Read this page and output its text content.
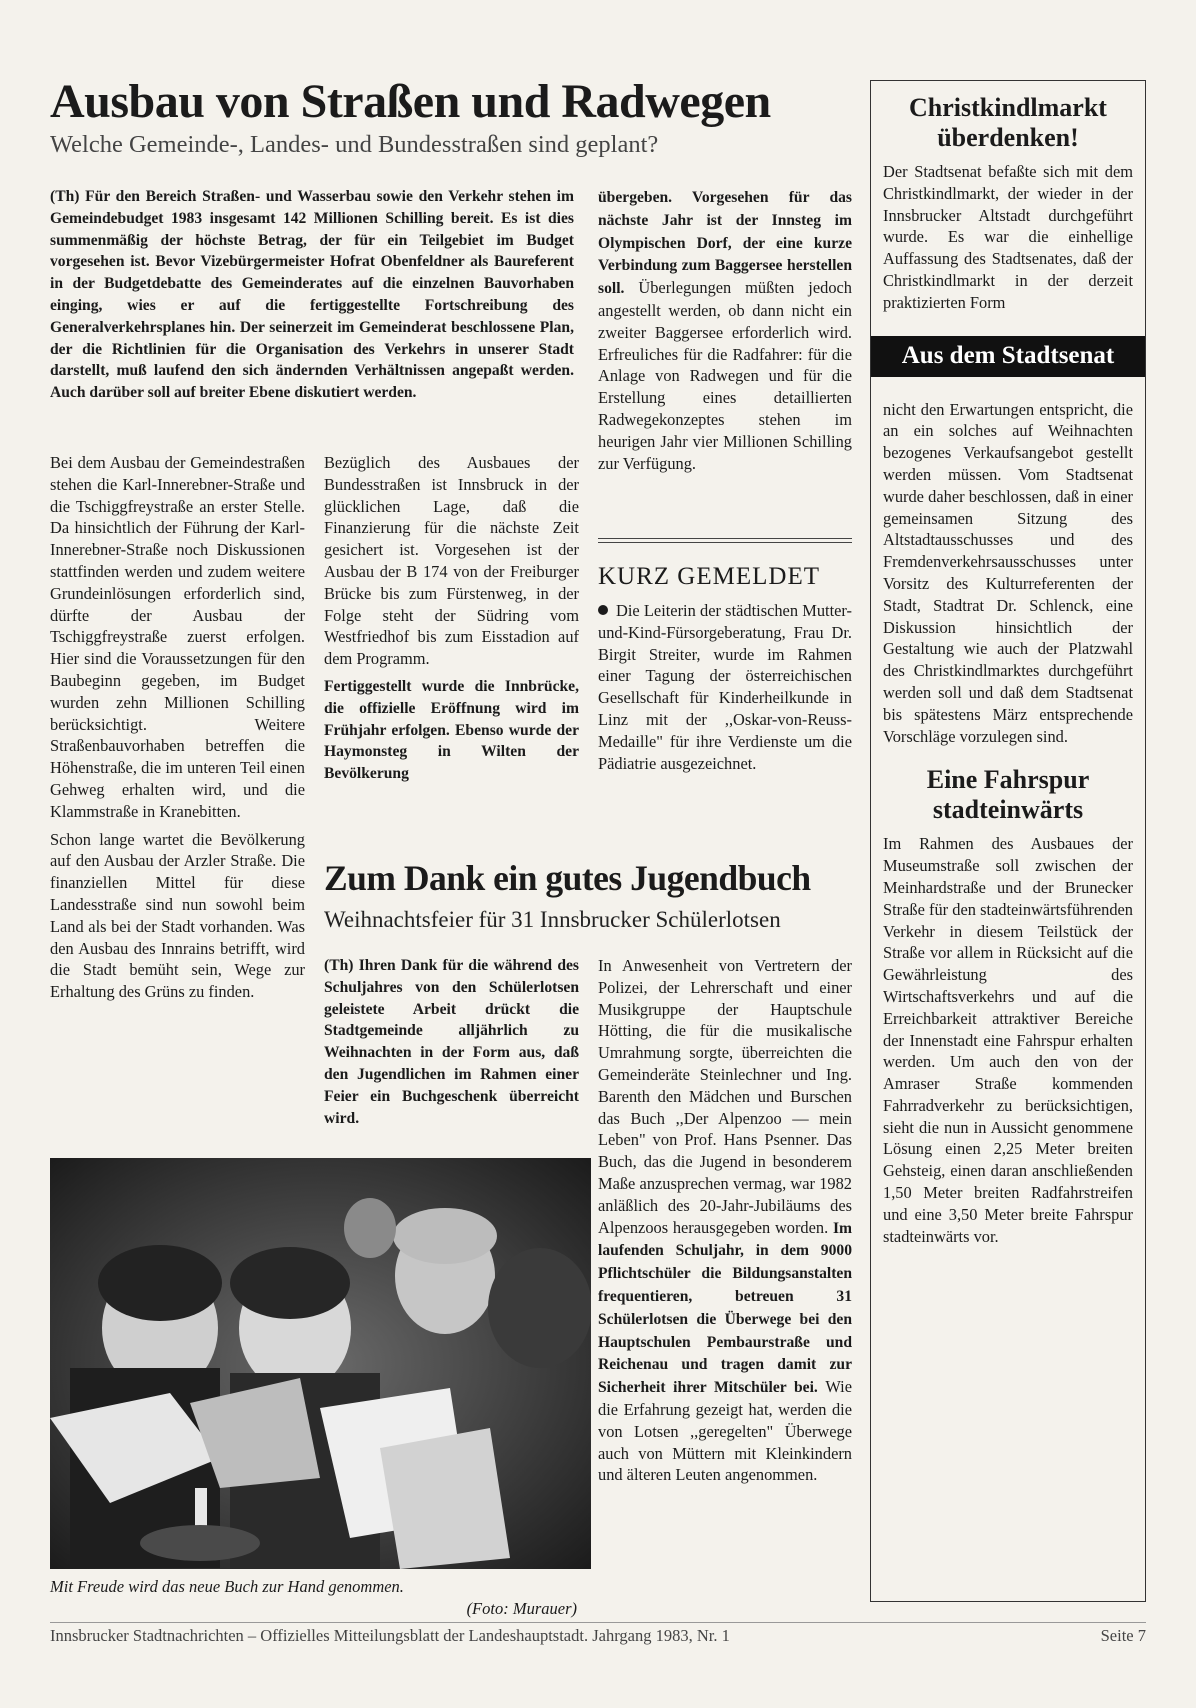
Ausbau von Straßen und Radwegen
Welche Gemeinde-, Landes- und Bundesstraßen sind geplant?

(Th) Für den Bereich Straßen- und Wasserbau sowie den Verkehr stehen im Gemeindebudget 1983 insgesamt 142 Millionen Schilling bereit. Es ist dies summenmäßig der höchste Betrag, der für ein Teilgebiet im Budget vorgesehen ist. Bevor Vizebürgermeister Hofrat Obenfeldner als Baureferent in der Budgetdebatte des Gemeinderates auf die einzelnen Bauvorhaben einging, wies er auf die fertiggestellte Fortschreibung des Generalverkehrsplanes hin. Der seinerzeit im Gemeinderat beschlossene Plan, der die Richtlinien für die Organisation des Verkehrs in unserer Stadt darstellt, muß laufend den sich ändernden Verhältnissen angepaßt werden. Auch darüber soll auf breiter Ebene diskutiert werden.

übergeben. Vorgesehen für das nächste Jahr ist der Innsteg im Olympischen Dorf, der eine kurze Verbindung zum Baggersee herstellen soll. Überlegungen müßten jedoch angestellt werden, ob dann nicht ein zweiter Baggersee erforderlich wird. Erfreuliches für die Radfahrer: für die Anlage von Radwegen und für die Erstellung eines detaillierten Radwegekonzeptes stehen im heurigen Jahr vier Millionen Schilling zur Verfügung.

Bei dem Ausbau der Gemeindestraßen stehen die Karl-Innerebner-Straße und die Tschiggfreystraße an erster Stelle. Da hinsichtlich der Führung der Karl-Innerebner-Straße noch Diskussionen stattfinden werden und zudem weitere Grundeinlösungen erforderlich sind, dürfte der Ausbau der Tschiggfreystraße zuerst erfolgen. Hier sind die Voraussetzungen für den Baubeginn gegeben, im Budget wurden zehn Millionen Schilling berücksichtigt. Weitere Straßenbauvorhaben betreffen die Höhenstraße, die im unteren Teil einen Gehweg erhalten wird, und die Klammstraße in Kranebitten.

Schon lange wartet die Bevölkerung auf den Ausbau der Arzler Straße. Die finanziellen Mittel für diese Landesstraße sind nun sowohl beim Land als bei der Stadt vorhanden. Was den Ausbau des Innrains betrifft, wird die Stadt bemüht sein, Wege zur Erhaltung des Grüns zu finden.

Bezüglich des Ausbaues der Bundesstraßen ist Innsbruck in der glücklichen Lage, daß die Finanzierung für die nächste Zeit gesichert ist. Vorgesehen ist der Ausbau der B 174 von der Freiburger Brücke bis zum Fürstenweg, in der Folge steht der Südring vom Westfriedhof bis zum Eisstadion auf dem Programm.

Fertiggestellt wurde die Innbrücke, die offizielle Eröffnung wird im Frühjahr erfolgen. Ebenso wurde der Haymonsteg in Wilten der Bevölkerung

KURZ GEMELDET
Die Leiterin der städtischen Mutter-und-Kind-Fürsorgeberatung, Frau Dr. Birgit Streiter, wurde im Rahmen einer Tagung der österreichischen Gesellschaft für Kinderheilkunde in Linz mit der ,,Oskar-von-Reuss-Medaille" für ihre Verdienste um die Pädiatrie ausgezeichnet.
Zum Dank ein gutes Jugendbuch
Weihnachtsfeier für 31 Innsbrucker Schülerlotsen

(Th) Ihren Dank für die während des Schuljahres von den Schülerlotsen geleistete Arbeit drückt die Stadtgemeinde alljährlich zu Weihnachten in der Form aus, daß den Jugendlichen im Rahmen einer Feier ein Buchgeschenk überreicht wird.

In Anwesenheit von Vertretern der Polizei, der Lehrerschaft und einer Musikgruppe der Hauptschule Hötting, die für die musikalische Umrahmung sorgte, überreichten die Gemeinderäte Steinlechner und Ing. Barenth den Mädchen und Burschen das Buch ,,Der Alpenzoo — mein Leben" von Prof. Hans Psenner. Das Buch, das die Jugend in besonderem Maße anzusprechen vermag, war 1982 anläßlich des 20-Jahr-Jubiläums des Alpenzoos herausgegeben worden. Im laufenden Schuljahr, in dem 9000 Pflichtschüler die Bildungsanstalten frequentieren, betreuen 31 Schülerlotsen die Überwege bei den Hauptschulen Pembaurstraße und Reichenau und tragen damit zur Sicherheit ihrer Mitschüler bei. Wie die Erfahrung gezeigt hat, werden die von Lotsen ,,geregelten" Überwege auch von Müttern mit Kleinkindern und älteren Leuten angenommen.
Mit Freude wird das neue Buch zur Hand genommen.
(Foto: Murauer)
Christkindlmarkt überdenken!

Der Stadtsenat befaßte sich mit dem Christkindlmarkt, der wieder in der Innsbrucker Altstadt durchgeführt wurde. Es war die einhellige Auffassung des Stadtsenates, daß der Christkindlmarkt in der derzeit praktizierten Form

Aus dem Stadtsenat

nicht den Erwartungen entspricht, die an ein solches auf Weihnachten bezogenes Verkaufsangebot gestellt werden müssen. Vom Stadtsenat wurde daher beschlossen, daß in einer gemeinsamen Sitzung des Altstadtausschusses und des Fremdenverkehrsausschusses unter Vorsitz des Kulturreferenten der Stadt, Stadtrat Dr. Schlenck, eine Diskussion hinsichtlich der Gestaltung wie auch der Platzwahl des Christkindlmarktes durchgeführt werden soll und daß dem Stadtsenat bis spätestens März entsprechende Vorschläge vorzulegen sind.

Eine Fahrspur stadteinwärts

Im Rahmen des Ausbaues der Museumstraße soll zwischen der Meinhardstraße und der Brunecker Straße für den stadteinwärtsführenden Verkehr in diesem Teilstück der Straße vor allem in Rücksicht auf die Gewährleistung des Wirtschaftsverkehrs und auf die Erreichbarkeit attraktiver Bereiche der Innenstadt eine Fahrspur erhalten werden. Um auch den von der Amraser Straße kommenden Fahrradverkehr zu berücksichtigen, sieht die nun in Aussicht genommene Lösung einen 2,25 Meter breiten Gehsteig, einen daran anschließenden 1,50 Meter breiten Radfahrstreifen und eine 3,50 Meter breite Fahrspur stadteinwärts vor.

Innsbrucker Stadtnachrichten – Offizielles Mitteilungsblatt der Landeshauptstadt. Jahrgang 1983, Nr. 1	Seite 7
